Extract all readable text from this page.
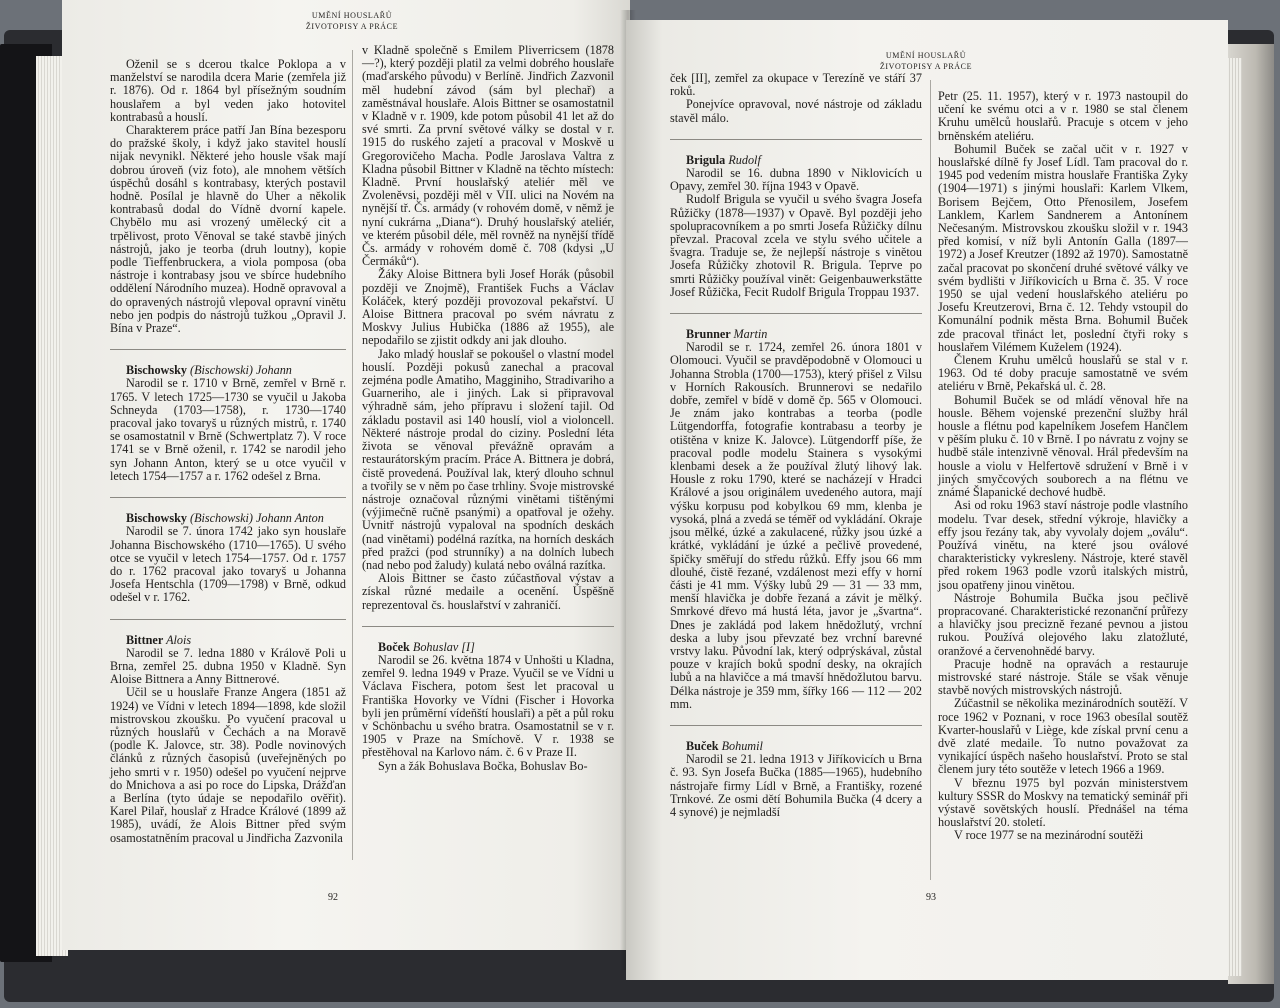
UMĚNÍ HOUSLAŘŮ
ŽIVOTOPISY A PRÁCE

Oženil se s dcerou tkalce Poklopa a v manželství se narodila dcera Marie (zemřela již r. 1876). Od r. 1864 byl přísežným soudním houslařem a byl veden jako hotovitel kontrabasů a houslí.

Charakterem práce patří Jan Bína bezesporu do pražské školy, i když jako stavitel houslí nijak nevynikl. Některé jeho housle však mají dobrou úroveň (viz foto), ale mnohem větších úspěchů dosáhl s kontrabasy, kterých postavil hodně. Posílal je hlavně do Uher a několik kontrabasů dodal do Vídně dvorní kapele. Chybělo mu asi vrozený umělecký cit a trpělivost, proto Věnoval se také stavbě jiných nástrojů, jako je teorba (druh loutny), kopie podle Tieffenbruckera, a viola pomposa (oba nástroje i kontrabasy jsou ve sbírce hudebního oddělení Národního muzea). Hodně opravoval a do opravených nástrojů vlepoval opravní vinětu nebo jen podpis do nástrojů tužkou „Opravil J. Bína v Praze“.

Bischowsky (Bischowski) Johann

Narodil se r. 1710 v Brně, zemřel v Brně r. 1765. V letech 1725—1730 se vyučil u Jakoba Schneyda (1703—1758), r. 1730—1740 pracoval jako tovaryš u různých mistrů, r. 1740 se osamostatnil v Brně (Schwertplatz 7). V roce 1741 se v Brně oženil, r. 1742 se narodil jeho syn Johann Anton, který se u otce vyučil v letech 1754—1757 a r. 1762 odešel z Brna.

Bischowsky (Bischowski) Johann Anton

Narodil se 7. února 1742 jako syn houslaře Johanna Bischowského (1710—1765). U svého otce se vyučil v letech 1754—1757. Od r. 1757 do r. 1762 pracoval jako tovaryš u Johanna Josefa Hentschla (1709—1798) v Brně, odkud odešel v r. 1762.

Bittner Alois

Narodil se 7. ledna 1880 v Králově Poli u Brna, zemřel 25. dubna 1950 v Kladně. Syn Aloise Bittnera a Anny Bittnerové.

Učil se u houslaře Franze Angera (1851 až 1924) ve Vídni v letech 1894—1898, kde složil mistrovskou zkoušku. Po vyučení pracoval u různých houslařů v Čechách a na Moravě (podle K. Jalovce, str. 38). Podle novinových článků z různých časopisů (uveřejněných po jeho smrti v r. 1950) odešel po vyučení nejprve do Mnichova a asi po roce do Lipska, Drážďan a Berlína (tyto údaje se nepodařilo ověřit). Karel Pilař, houslař z Hradce Králové (1899 až 1985), uvádí, že Alois Bittner před svým osamostatněním pracoval u Jindřicha Zazvonila

v Kladně společně s Emilem Pliverricsem (1878—?), který později platil za velmi dobrého houslaře (maďarského původu) v Berlíně. Jindřich Zazvonil měl hudební závod (sám byl plechař) a zaměstnával houslaře. Alois Bittner se osamostatnil v Kladně v r. 1909, kde potom působil 41 let až do své smrti. Za první světové války se dostal v r. 1915 do ruského zajetí a pracoval v Moskvě u Gregorovičeho Macha. Podle Jaroslava Valtra z Kladna působil Bittner v Kladně na těchto místech: Kladně. První houslařský ateliér měl ve Zvoleněvsi, později měl v VII. ulici na Novém na nynější tř. Čs. armády (v rohovém domě, v němž je nyní cukrárna „Diana“). Druhý houslařský ateliér, ve kterém působil déle, měl rovněž na nynější třídě Čs. armády v rohovém domě č. 708 (kdysi „U Čermáků“).

Žáky Aloise Bittnera byli Josef Horák (působil později ve Znojmě), František Fuchs a Václav Koláček, který později provozoval pekařství. U Aloise Bittnera pracoval po svém návratu z Moskvy Julius Hubička (1886 až 1955), ale nepodařilo se zjistit odkdy ani jak dlouho.

Jako mladý houslař se pokoušel o vlastní model houslí. Později pokusů zanechal a pracoval zejména podle Amatiho, Magginiho, Stradivariho a Guarneriho, ale i jiných. Lak si připravoval výhradně sám, jeho přípravu i složení tajil. Od základu postavil asi 140 houslí, viol a violoncell. Některé nástroje prodal do ciziny. Poslední léta života se věnoval převážně opravám a restaurátorským pracím. Práce A. Bittnera je dobrá, čistě provedená. Používal lak, který dlouho schnul a tvořily se v něm po čase trhliny. Svoje mistrovské nástroje označoval různými vinětami tištěnými (výjimečně ručně psanými) a opatřoval je ožehy. Uvnitř nástrojů vypaloval na spodních deskách (nad vinětami) podélná razítka, na horních deskách před pražci (pod strunníky) a na dolních lubech (nad nebo pod žaludy) kulatá nebo oválná razítka.

Alois Bittner se často zúčastňoval výstav a získal různé medaile a ocenění. Úspěšně reprezentoval čs. houslařství v zahraničí.

Boček Bohuslav [I]

Narodil se 26. května 1874 v Unhošti u Kladna, zemřel 9. ledna 1949 v Praze. Vyučil se ve Vídni u Václava Fischera, potom šest let pracoval u Františka Hovorky ve Vídni (Fischer i Hovorka byli jen průměrní vídeňští houslaři) a pět a půl roku v Schönbachu u svého bratra. Osamostatnil se v r. 1905 v Praze na Smíchově. V r. 1938 se přestěhoval na Karlovo nám. č. 6 v Praze II.

Syn a žák Bohuslava Bočka, Bohuslav Bo-

92
UMĚNÍ HOUSLAŘŮ
ŽIVOTOPISY A PRÁCE

ček [II], zemřel za okupace v Terezíně ve stáří 37 roků.

Ponejvíce opravoval, nové nástroje od základu stavěl málo.

Brigula Rudolf

Narodil se 16. dubna 1890 v Niklovicích u Opavy, zemřel 30. října 1943 v Opavě.

Rudolf Brigula se vyučil u svého švagra Josefa Růžičky (1878—1937) v Opavě. Byl později jeho spolupracovníkem a po smrti Josefa Růžičky dílnu převzal. Pracoval zcela ve stylu svého učitele a švagra. Traduje se, že nejlepší nástroje s vinětou Josefa Růžičky zhotovil R. Brigula. Teprve po smrti Růžičky používal vinět: Geigenbauwerkstätte Josef Růžička, Fecit Rudolf Brigula Troppau 1937.

Brunner Martin

Narodil se r. 1724, zemřel 26. února 1801 v Olomouci. Vyučil se pravděpodobně v Olomouci u Johanna Strobla (1700—1753), který přišel z Vilsu v Horních Rakousích. Brunnerovi se nedařilo dobře, zemřel v bídě v domě čp. 565 v Olomouci. Je znám jako kontrabas a teorba (podle Lütgendorffa, fotografie kontrabasu a teorby je otištěna v knize K. Jalovce). Lütgendorff píše, že pracoval podle modelu Stainera s vysokými klenbami desek a že používal žlutý lihový lak. Housle z roku 1790, které se nacházejí v Hradci Králové a jsou originálem uvedeného autora, mají výšku korpusu pod kobylkou 69 mm, klenba je vysoká, plná a zvedá se téměř od vykládání. Okraje jsou mělké, úzké a zakulacené, růžky jsou úzké a krátké, vykládání je úzké a pečlivě provedené, špičky směřují do středu růžků. Effy jsou 66 mm dlouhé, čistě řezané, vzdálenost mezi effy v horní části je 41 mm. Výšky lubů 29 — 31 — 33 mm, menší hlavička je dobře řezaná a závit je mělký. Smrkové dřevo má hustá léta, javor je „švartna“. Dnes je zakládá pod lakem hnědožlutý, vrchní deska a luby jsou převzaté bez vrchní barevné vrstvy laku. Původní lak, který odprýskával, zůstal pouze v krajích boků spodní desky, na okrajích lubů a na hlavičce a má tmavší hnědožlutou barvu. Délka nástroje je 359 mm, šířky 166 — 112 — 202 mm.

Buček Bohumil

Narodil se 21. ledna 1913 v Jiříkovicích u Brna č. 93. Syn Josefa Bučka (1885—1965), hudebního nástrojaře firmy Lídl v Brně, a Františky, rozené Trnkové. Ze osmi dětí Bohumila Bučka (4 dcery a 4 synové) je nejmladší

Petr (25. 11. 1957), který v r. 1973 nastoupil do učení ke svému otci a v r. 1980 se stal členem Kruhu umělců houslařů. Pracuje s otcem v jeho brněnském ateliéru.

Bohumil Buček se začal učit v r. 1927 v houslařské dílně fy Josef Lídl. Tam pracoval do r. 1945 pod vedením mistra houslaře Františka Zyky (1904—1971) s jinými houslaři: Karlem Vlkem, Borisem Bejčem, Otto Přenosilem, Josefem Lanklem, Karlem Sandnerem a Antonínem Nečesaným. Mistrovskou zkoušku složil v r. 1943 před komisí, v níž byli Antonín Galla (1897—1972) a Josef Kreutzer (1892 až 1970). Samostatně začal pracovat po skončení druhé světové války ve svém bydlišti v Jiříkovicích u Brna č. 35. V roce 1950 se ujal vedení houslařského ateliéru po Josefu Kreutzerovi, Brna č. 12. Tehdy vstoupil do Komunální podnik města Brna. Bohumil Buček zde pracoval třináct let, poslední čtyři roky s houslařem Vilémem Kuželem (1924).

Členem Kruhu umělců houslařů se stal v r. 1963. Od té doby pracuje samostatně ve svém ateliéru v Brně, Pekařská ul. č. 28.

Bohumil Buček se od mládí věnoval hře na housle. Během vojenské prezenční služby hrál housle a flétnu pod kapelníkem Josefem Hančlem v pěším pluku č. 10 v Brně. I po návratu z vojny se hudbě stále intenzivně věnoval. Hrál především na housle a violu v Helfertově sdružení v Brně i v jiných smyčcových souborech a na flétnu ve známé Šlapanické dechové hudbě.

Asi od roku 1963 staví nástroje podle vlastního modelu. Tvar desek, střední výkroje, hlavičky a effy jsou řezány tak, aby vyvolaly dojem „oválu“. Používá vinětu, na které jsou oválové charakteristicky vykresleny. Nástroje, které stavěl před rokem 1963 podle vzorů italských mistrů, jsou opatřeny jinou vinětou.

Nástroje Bohumila Bučka jsou pečlivě propracované. Charakteristické rezonanční průřezy a hlavičky jsou precizně řezané pevnou a jistou rukou. Používá olejového laku zlatožluté, oranžové a červenohnědé barvy.

Pracuje hodně na opravách a restauruje mistrovské staré nástroje. Stále se však věnuje stavbě nových mistrovských nástrojů.

Zúčastnil se několika mezinárodních soutěží. V roce 1962 v Poznani, v roce 1963 obesílal soutěž Kvarter-houslařů v Liège, kde získal první cenu a dvě zlaté medaile. To nutno považovat za vynikající úspěch našeho houslařství. Proto se stal členem jury této soutěže v letech 1966 a 1969.

V březnu 1975 byl pozván ministerstvem kultury SSSR do Moskvy na tematický seminář při výstavě sovětských houslí. Přednášel na téma houslařství 20. století.

V roce 1977 se na mezinárodní soutěži

93
